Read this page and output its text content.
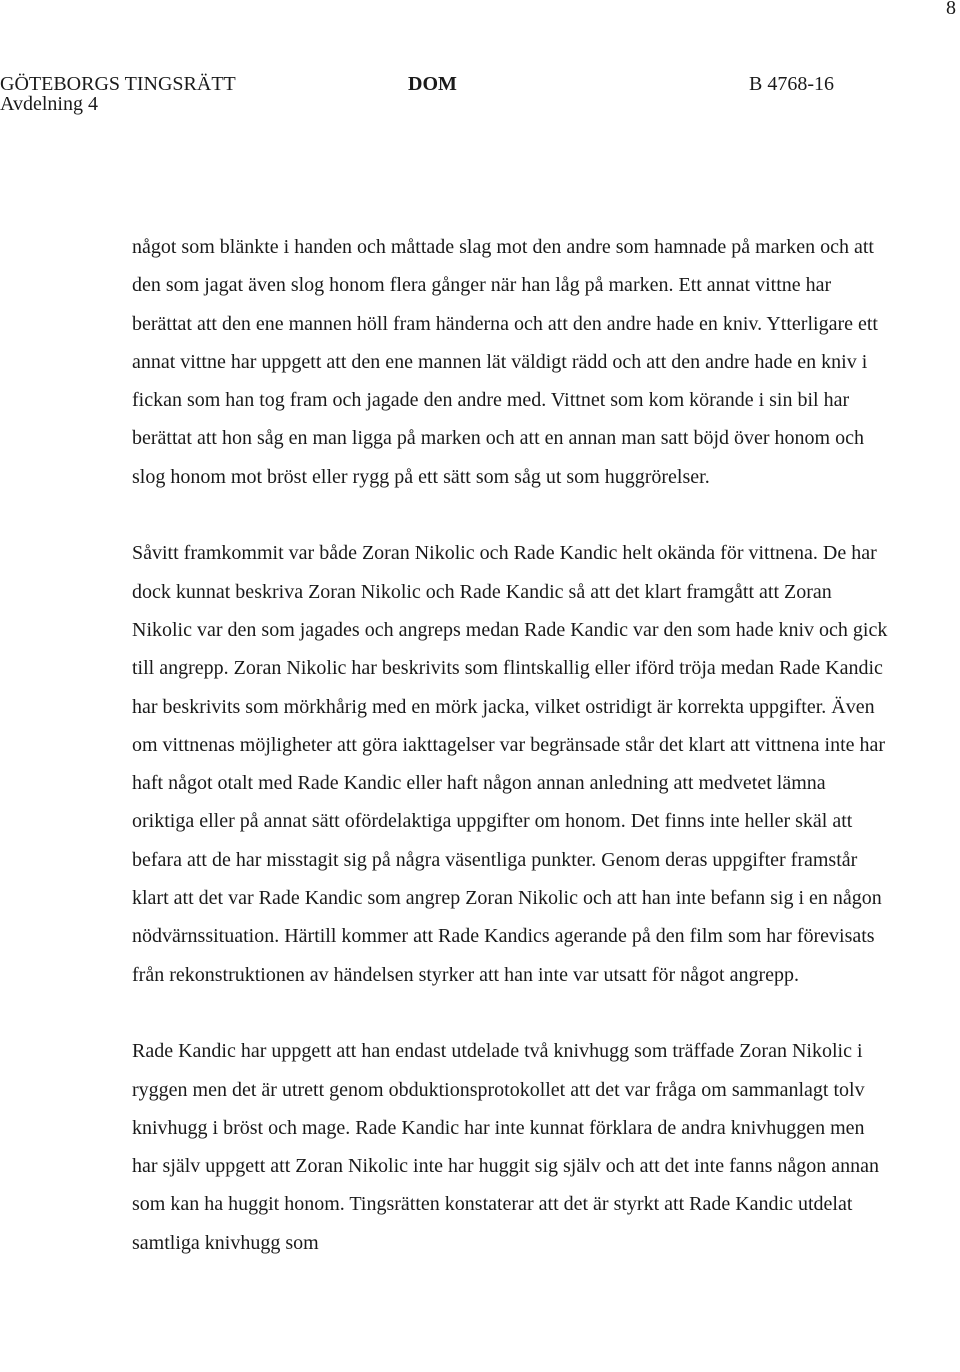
8
GÖTEBORGS TINGSRÄTT	DOM	B 4768-16
Avdelning 4

något som blänkte i handen och måttade slag mot den andre som hamnade på marken och att den som jagat även slog honom flera gånger när han låg på marken. Ett annat vittne har berättat att den ene mannen höll fram händerna och att den andre hade en kniv. Ytterligare ett annat vittne har uppgett att den ene mannen lät väldigt rädd och att den andre hade en kniv i fickan som han tog fram och jagade den andre med. Vittnet som kom körande i sin bil har berättat att hon såg en man ligga på marken och att en annan man satt böjd över honom och slog honom mot bröst eller rygg på ett sätt som såg ut som huggrörelser.

Såvitt framkommit var både Zoran Nikolic och Rade Kandic helt okända för vittnena. De har dock kunnat beskriva Zoran Nikolic och Rade Kandic så att det klart framgått att Zoran Nikolic var den som jagades och angreps medan Rade Kandic var den som hade kniv och gick till angrepp. Zoran Nikolic har beskrivits som flintskallig eller iförd tröja medan Rade Kandic har beskrivits som mörkhårig med en mörk jacka, vilket ostridigt är korrekta uppgifter. Även om vittnenas möjligheter att göra iakttagelser var begränsade står det klart att vittnena inte har haft något otalt med Rade Kandic eller haft någon annan anledning att medvetet lämna oriktiga eller på annat sätt ofördelaktiga uppgifter om honom. Det finns inte heller skäl att befara att de har misstagit sig på några väsentliga punkter. Genom deras uppgifter framstår klart att det var Rade Kandic som angrep Zoran Nikolic och att han inte befann sig i en någon nödvärnssituation. Härtill kommer att Rade Kandics agerande på den film som har förevisats från rekonstruktionen av händelsen styrker att han inte var utsatt för något angrepp.

Rade Kandic har uppgett att han endast utdelade två knivhugg som träffade Zoran Nikolic i ryggen men det är utrett genom obduktionsprotokollet att det var fråga om sammanlagt tolv knivhugg i bröst och mage. Rade Kandic har inte kunnat förklara de andra knivhuggen men har själv uppgett att Zoran Nikolic inte har huggit sig själv och att det inte fanns någon annan som kan ha huggit honom. Tingsrätten konstaterar att det är styrkt att Rade Kandic utdelat samtliga knivhugg som
